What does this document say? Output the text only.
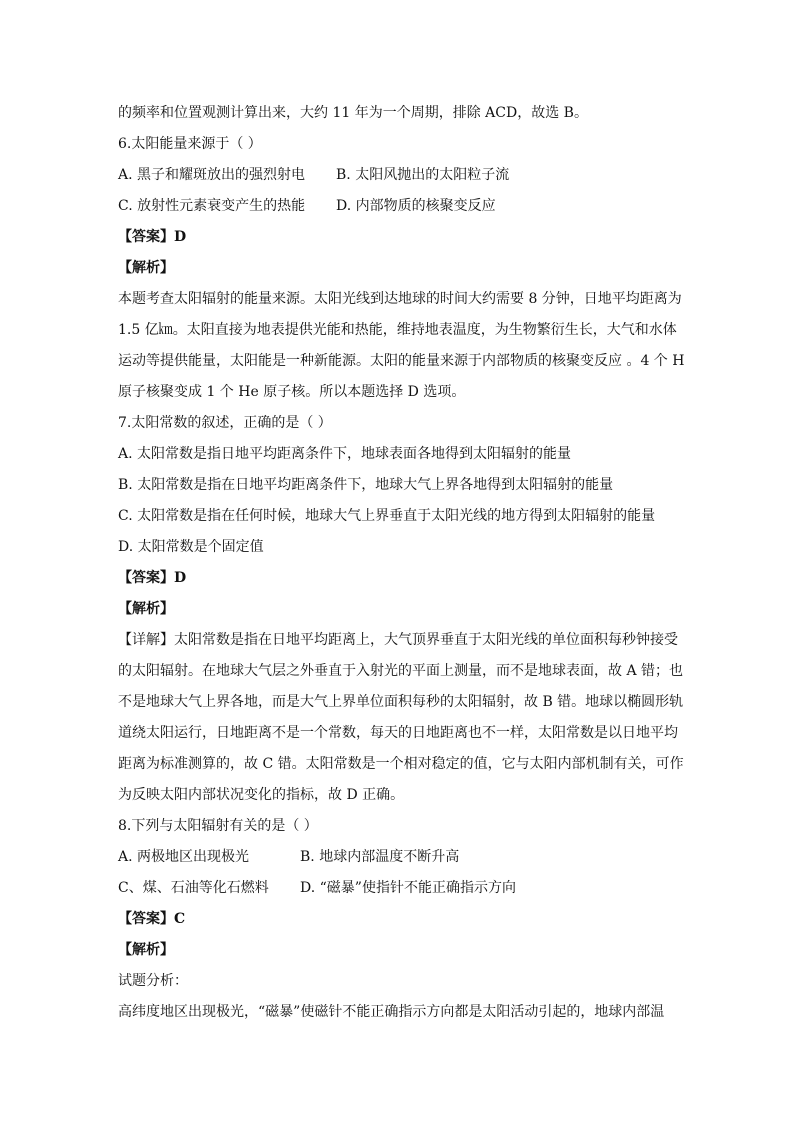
的频率和位置观测计算出来，大约 11 年为一个周期，排除 ACD，故选 B。
6.太阳能量来源于（ ）
A. 黑子和耀斑放出的强烈射电 B. 太阳风抛出的太阳粒子流
C. 放射性元素衰变产生的热能 D. 内部物质的核聚变反应
【答案】D
【解析】
本题考查太阳辐射的能量来源。太阳光线到达地球的时间大约需要 8 分钟，日地平均距离为
1.5 亿㎞。太阳直接为地表提供光能和热能，维持地表温度，为生物繁衍生长，大气和水体
运动等提供能量，太阳能是一种新能源。太阳的能量来源于内部物质的核聚变反应 。4 个 H
原子核聚变成 1 个 He 原子核。所以本题选择 D 选项。
7.太阳常数的叙述，正确的是（ ）
A. 太阳常数是指日地平均距离条件下，地球表面各地得到太阳辐射的能量
B. 太阳常数是指在日地平均距离条件下，地球大气上界各地得到太阳辐射的能量
C. 太阳常数是指在任何时候，地球大气上界垂直于太阳光线的地方得到太阳辐射的能量
D. 太阳常数是个固定值
【答案】D
【解析】
【详解】太阳常数是指在日地平均距离上，大气顶界垂直于太阳光线的单位面积每秒钟接受
的太阳辐射。在地球大气层之外垂直于入射光的平面上测量，而不是地球表面，故 A 错；也
不是地球大气上界各地，而是大气上界单位面积每秒的太阳辐射，故 B 错。地球以椭圆形轨
道绕太阳运行，日地距离不是一个常数，每天的日地距离也不一样，太阳常数是以日地平均
距离为标准测算的，故 C 错。太阳常数是一个相对稳定的值，它与太阳内部机制有关，可作
为反映太阳内部状况变化的指标，故 D 正确。
8.下列与太阳辐射有关的是（ ）
A. 两极地区出现极光	B. 地球内部温度不断升高
C、煤、石油等化石燃料 D. “磁暴”使指针不能正确指示方向
【答案】C
【解析】
试题分析：
高纬度地区出现极光，“磁暴”使磁针不能正确指示方向都是太阳活动引起的，地球内部温
